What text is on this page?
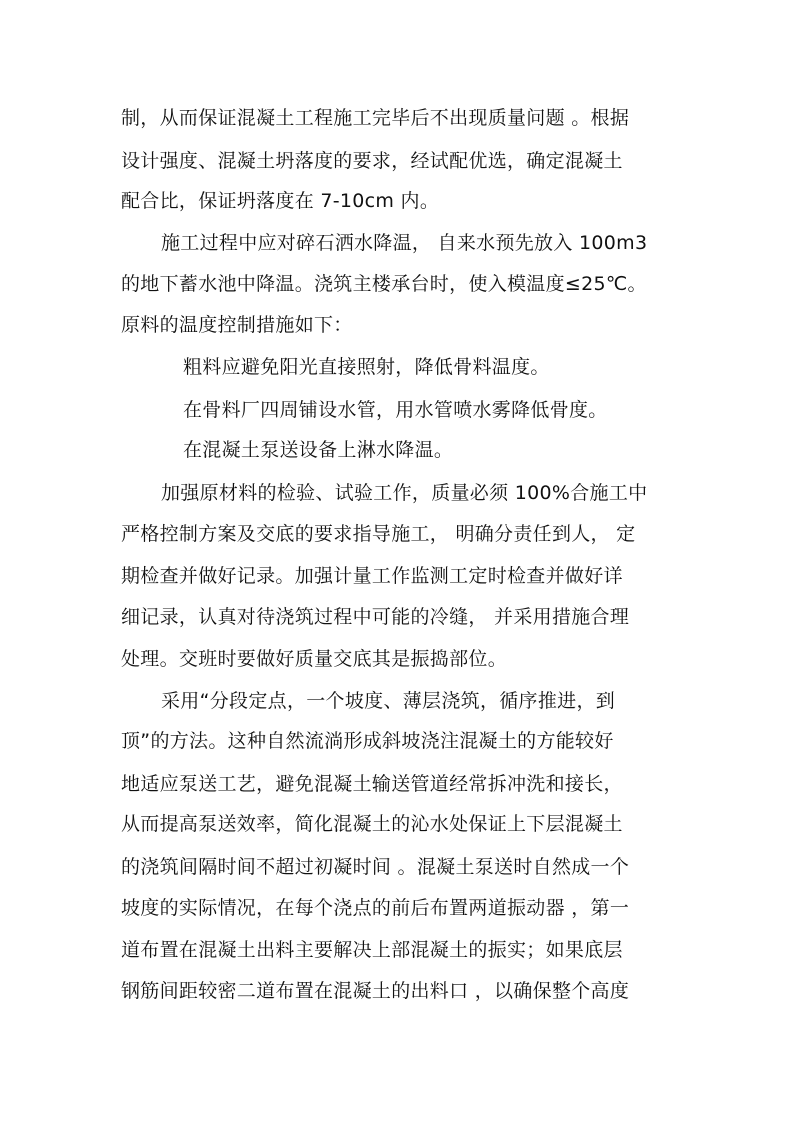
制，从而保证混凝土工程施工完毕后不出现质量问题 。根据
设计强度、混凝土坍落度的要求，经试配优选，确定混凝土
配合比，保证坍落度在 7-10cm 内。
施工过程中应对碎石洒水降温， 自来水预先放入 100m3
的地下蓄水池中降温。浇筑主楼承台时，使入模温度≤25℃。
原料的温度控制措施如下：
粗料应避免阳光直接照射，降低骨料温度。
在骨料厂四周铺设水管，用水管喷水雾降低骨度。
在混凝土泵送设备上淋水降温。
加强原材料的检验、试验工作，质量必须 100%合施工中
严格控制方案及交底的要求指导施工， 明确分责任到人， 定
期检查并做好记录。加强计量工作监测工定时检查并做好详
细记录，认真对待浇筑过程中可能的冷缝， 并采用措施合理
处理。交班时要做好质量交底其是振捣部位。
采用“分段定点，一个坡度、薄层浇筑，循序推进，到
顶”的方法。这种自然流淌形成斜坡浇注混凝土的方能较好
地适应泵送工艺，避免混凝土输送管道经常拆冲洗和接长，
从而提高泵送效率，简化混凝土的沁水处保证上下层混凝土
的浇筑间隔时间不超过初凝时间 。混凝土泵送时自然成一个
坡度的实际情况，在每个浇点的前后布置两道振动器 ，第一
道布置在混凝土出料主要解决上部混凝土的振实；如果底层
钢筋间距较密二道布置在混凝土的出料口 ，以确保整个高度
